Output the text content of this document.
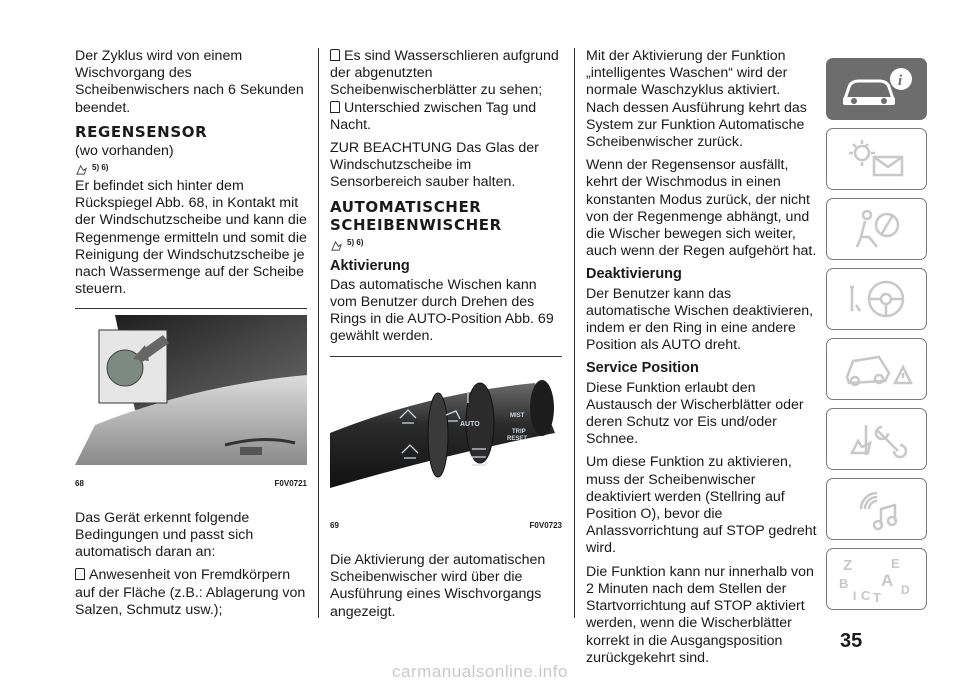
Der Zyklus wird von einem Wischvorgang des Scheibenwischers nach 6 Sekunden beendet.

REGENSENSOR

(wo vorhanden)

5) 6)

Er befindet sich hinter dem Rückspiegel Abb. 68, in Kontakt mit der Windschutzscheibe und kann die Regenmenge ermitteln und somit die Reinigung der Windschutzscheibe je nach Wassermenge auf der Scheibe steuern.

68	F0V0721

Das Gerät erkennt folgende Bedingungen und passt sich automatisch daran an:

Anwesenheit von Fremdkörpern auf der Fläche (z.B.: Ablagerung von Salzen, Schmutz usw.);

Es sind Wasserschlieren aufgrund der abgenutzten Scheibenwischerblätter zu sehen;

Unterschied zwischen Tag und Nacht.

ZUR BEACHTUNG Das Glas der Windschutzscheibe im Sensorbereich sauber halten.

AUTOMATISCHER SCHEIBENWISCHER
5) 6)
Aktivierung

Das automatische Wischen kann vom Benutzer durch Drehen des Rings in die AUTO-Position Abb. 69 gewählt werden.

AUTO
MIST
TRIP
RESET
69	F0V0723

Die Aktivierung der automatischen Scheibenwischer wird über die Ausführung eines Wischvorgangs angezeigt.

Mit der Aktivierung der Funktion „intelligentes Waschen“ wird der normale Waschzyklus aktiviert.

Nach dessen Ausführung kehrt das System zur Funktion Automatische Scheibenwischer zurück.

Wenn der Regensensor ausfällt, kehrt der Wischmodus in einen konstanten Modus zurück, der nicht von der Regenmenge abhängt, und die Wischer bewegen sich weiter, auch wenn der Regen aufgehört hat.

Deaktivierung

Der Benutzer kann das automatische Wischen deaktivieren, indem er den Ring in eine andere Position als AUTO dreht.

Service Position

Diese Funktion erlaubt den Austausch der Wischerblätter oder deren Schutz vor Eis und/oder Schnee.

Um diese Funktion zu aktivieren, muss der Scheibenwischer deaktiviert werden (Stellring auf Position O), bevor die Anlassvorrichtung auf STOP gedreht wird.

Die Funktion kann nur innerhalb von 2 Minuten nach dem Stellen der Startvorrichtung auf STOP aktiviert werden, wenn die Wischerblätter korrekt in die Ausgangsposition zurückgekehrt sind.

i
Z	E
B A D
I C T
35
carmanualsonline.info
